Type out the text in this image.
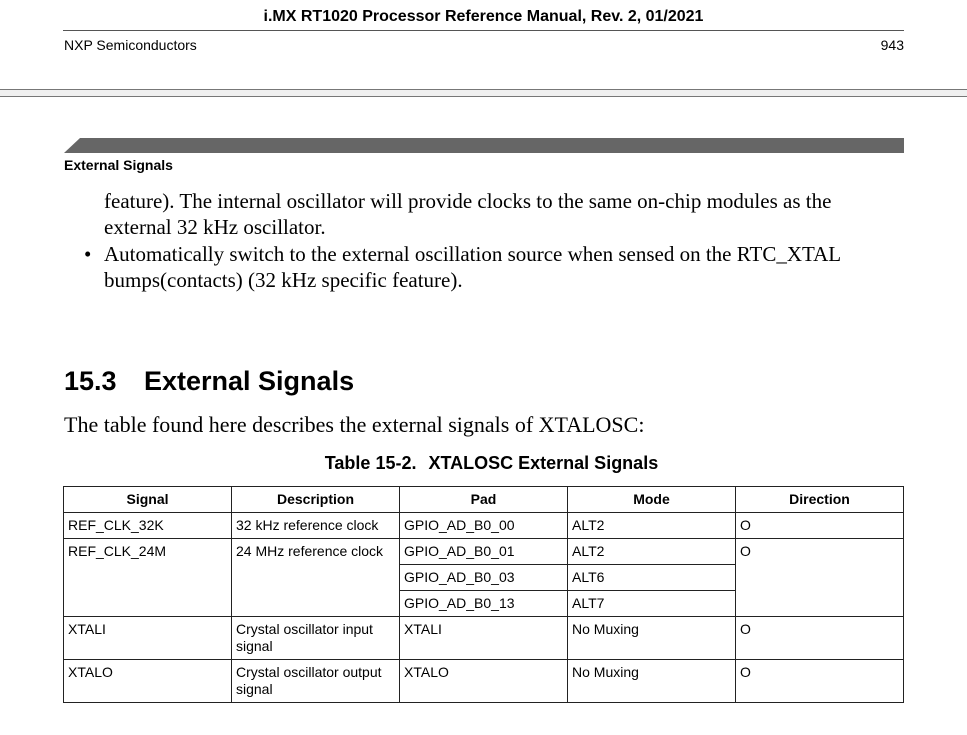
i.MX RT1020 Processor Reference Manual, Rev. 2, 01/2021
NXP Semiconductors	943
External Signals
feature). The internal oscillator will provide clocks to the same on-chip modules as the external 32 kHz oscillator.
• Automatically switch to the external oscillation source when sensed on the RTC_XTAL bumps(contacts) (32 kHz specific feature).
15.3 External Signals
The table found here describes the external signals of XTALOSC:
Table 15-2. XTALOSC External Signals
Signal	Description	Pad	Mode	Direction
REF_CLK_32K	32 kHz reference clock	GPIO_AD_B0_00	ALT2	O
REF_CLK_24M	24 MHz reference clock	GPIO_AD_B0_01	ALT2	O
		GPIO_AD_B0_03	ALT6	
		GPIO_AD_B0_13	ALT7	
XTALI	Crystal oscillator input signal	XTALI	No Muxing	O
XTALO	Crystal oscillator output signal	XTALO	No Muxing	O
